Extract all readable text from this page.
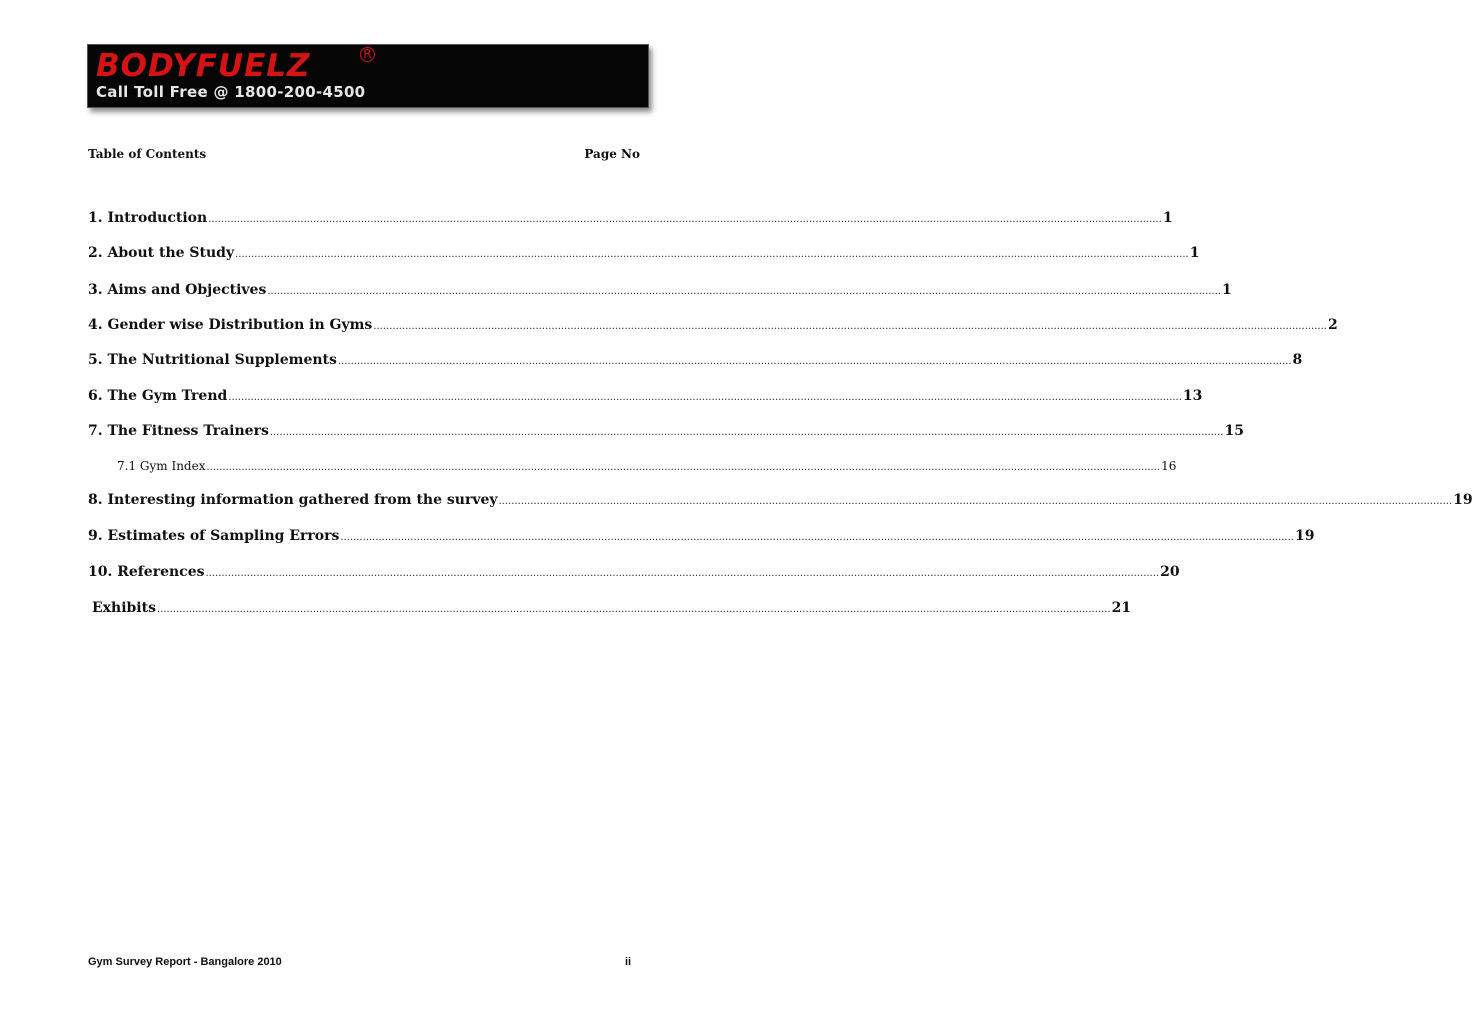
BODYFUELZ	R
Call Toll Free @ 1800-200-4500
Table of Contents	Page No
1. Introduction ............................................................................................................................................................................................................................................................................................................ 1
2. About the Study ............................................................................................................................................................................................................................................................................................................ 1
3. Aims and Objectives ............................................................................................................................................................................................................................................................................................................ 1
4. Gender wise Distribution in Gyms ............................................................................................................................................................................................................................................................................................................ 2
5. The Nutritional Supplements ............................................................................................................................................................................................................................................................................................................ 8
6. The Gym Trend ............................................................................................................................................................................................................................................................................................................ 13
7. The Fitness Trainers ............................................................................................................................................................................................................................................................................................................ 15
7.1 Gym Index ............................................................................................................................................................................................................................................................................................................ 16
8. Interesting information gathered from the survey ............................................................................................................................................................................................................................................................................................................ 19
9. Estimates of Sampling Errors ............................................................................................................................................................................................................................................................................................................ 19
10. References ............................................................................................................................................................................................................................................................................................................ 20
Exhibits ............................................................................................................................................................................................................................................................................................................ 21
Gym Survey Report - Bangalore 2010	ii
